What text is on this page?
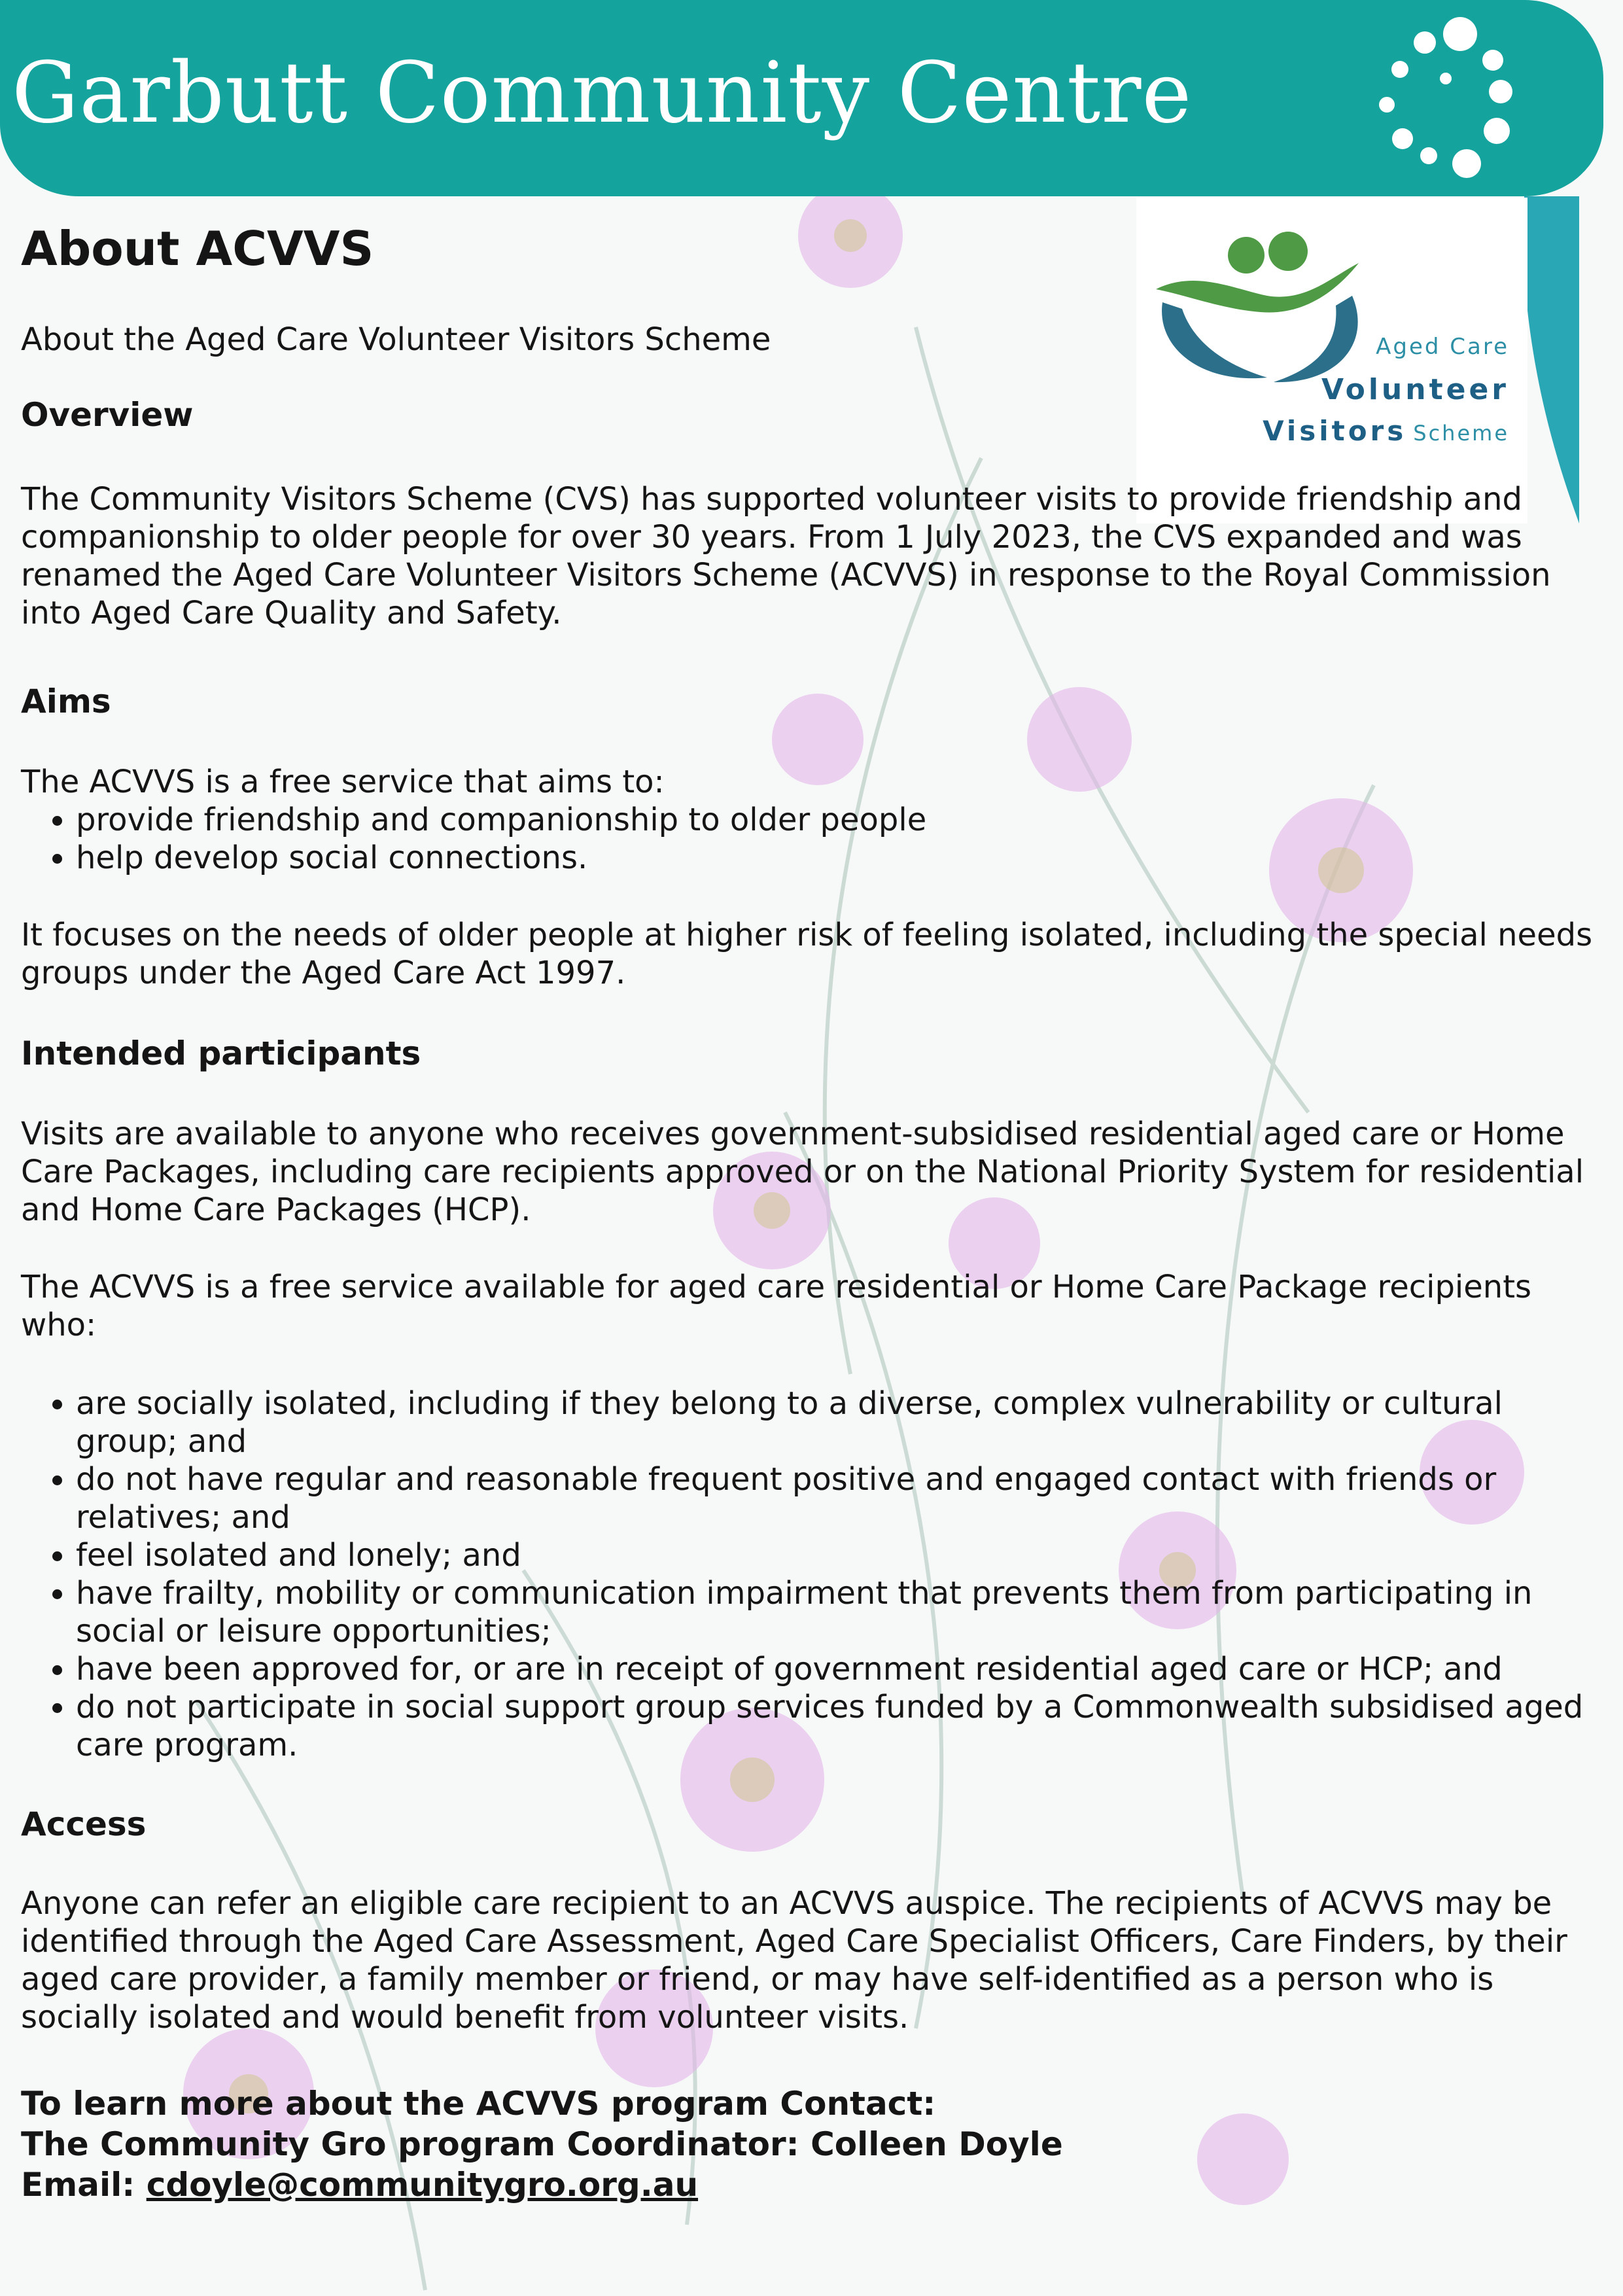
Garbutt Community Centre
Aged Care
Volunteer
Visitors Scheme
About ACVVS

About the Aged Care Volunteer Visitors Scheme

Overview

The Community Visitors Scheme (CVS) has supported volunteer visits to provide friendship and companionship to older people for over 30 years. From 1 July 2023, the CVS expanded and was renamed the Aged Care Volunteer Visitors Scheme (ACVVS) in response to the Royal Commission into Aged Care Quality and Safety.

Aims

The ACVVS is a free service that aims to:

• provide friendship and companionship to older people
• help develop social connections.

It focuses on the needs of older people at higher risk of feeling isolated, including the special needs groups under the Aged Care Act 1997.

Intended participants

Visits are available to anyone who receives government-subsidised residential aged care or Home Care Packages, including care recipients approved or on the National Priority System for residential and Home Care Packages (HCP).

The ACVVS is a free service available for aged care residential or Home Care Package recipients who:

• are socially isolated, including if they belong to a diverse, complex vulnerability or cultural group; and
• do not have regular and reasonable frequent positive and engaged contact with friends or relatives; and
• feel isolated and lonely; and
• have frailty, mobility or communication impairment that prevents them from participating in social or leisure opportunities;
• have been approved for, or are in receipt of government residential aged care or HCP; and
• do not participate in social support group services funded by a Commonwealth subsidised aged care program.
Access

Anyone can refer an eligible care recipient to an ACVVS auspice. The recipients of ACVVS may be identified through the Aged Care Assessment, Aged Care Specialist Officers, Care Finders, by their aged care provider, a family member or friend, or may have self-identified as a person who is socially isolated and would benefit from volunteer visits.

To learn more about the ACVVS program Contact:

The Community Gro program Coordinator: Colleen Doyle

Email: cdoyle@communitygro.org.au
